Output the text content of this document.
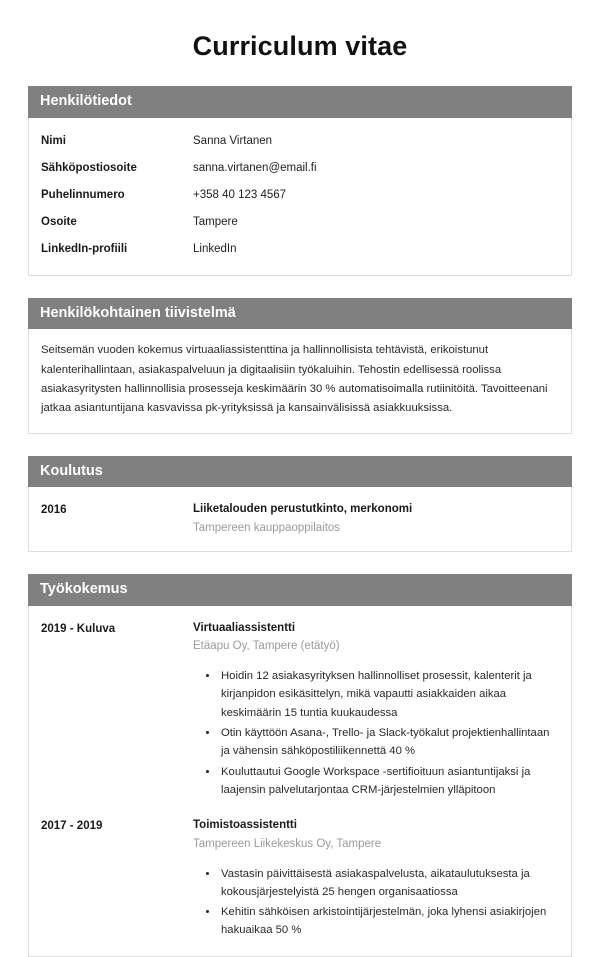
Curriculum vitae
Henkilötiedot
Nimi	Sanna Virtanen
Sähköpostiosoite	sanna.virtanen@email.fi
Puhelinnumero	+358 40 123 4567
Osoite	Tampere
LinkedIn-profiili	LinkedIn
Henkilökohtainen tiivistelmä
Seitsemän vuoden kokemus virtuaaliassistenttina ja hallinnollisista tehtävistä, erikoistunut kalenterihallintaan, asiakaspalveluun ja digitaalisiin työkaluihin. Tehostin edellisessä roolissa asiakasyritysten hallinnollisia prosesseja keskimäärin 30 % automatisoimalla rutiinitöitä. Tavoitteenani jatkaa asiantuntijana kasvavissa pk-yrityksissä ja kansainvälisissä asiakkuuksissa.
Koulutus
2016	Liiketalouden perustutkinto, merkonomi
Tampereen kauppaoppilaitos
Työkokemus
2019 - Kuluva	Virtuaaliassistentti
Etäapu Oy, Tampere (etätyö)
• Hoidin 12 asiakasyrityksen hallinnolliset prosessit, kalenterit ja kirjanpidon esikäsittelyn, mikä vapautti asiakkaiden aikaa keskimäärin 15 tuntia kuukaudessa
• Otin käyttöön Asana-, Trello- ja Slack-työkalut projektienhallintaan ja vähensin sähköpostiliikennettä 40 %
• Kouluttautui Google Workspace -sertifioituun asiantuntijaksi ja laajensin palvelutarjontaa CRM-järjestelmien ylläpitoon
2017 - 2019	Toimistoassistentti
Tampereen Liikekeskus Oy, Tampere
• Vastasin päivittäisestä asiakaspalvelusta, aikataulutuksesta ja kokousjärjestelyistä 25 hengen organisaatiossa
• Kehitin sähköisen arkistointijärjestelmän, joka lyhensi asiakirjojen hakuaikaa 50 %
